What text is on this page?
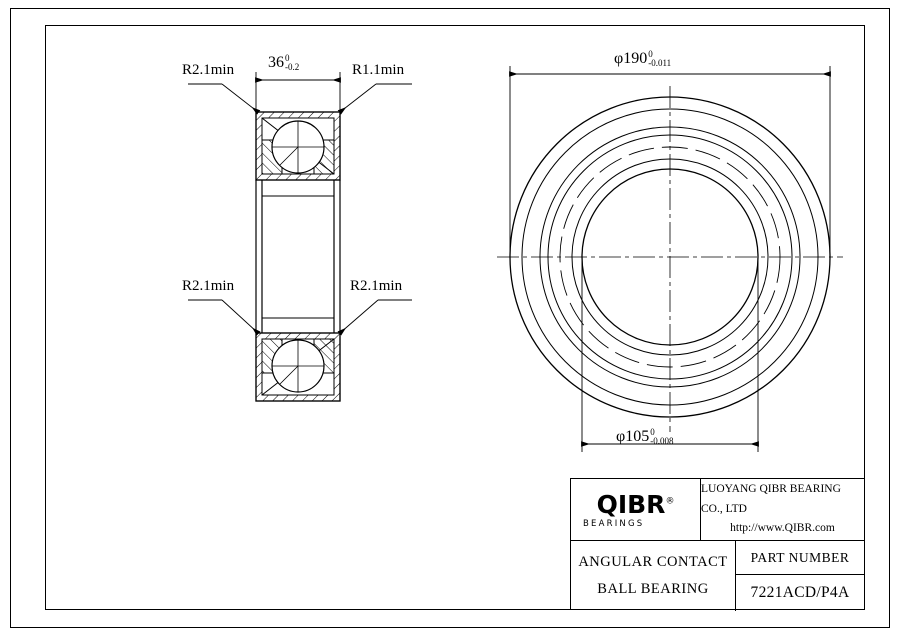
36 0
-0.2
R2.1min	R1.1min
R2.1min	R2.1min
φ190 0
-0.011
φ105 0
-0.008
QIBR®
BEARINGS
LUOYANG QIBR BEARING CO., LTD
http://www.QIBR.com
ANGULAR CONTACT
BALL BEARING
PART NUMBER
7221ACD/P4A
